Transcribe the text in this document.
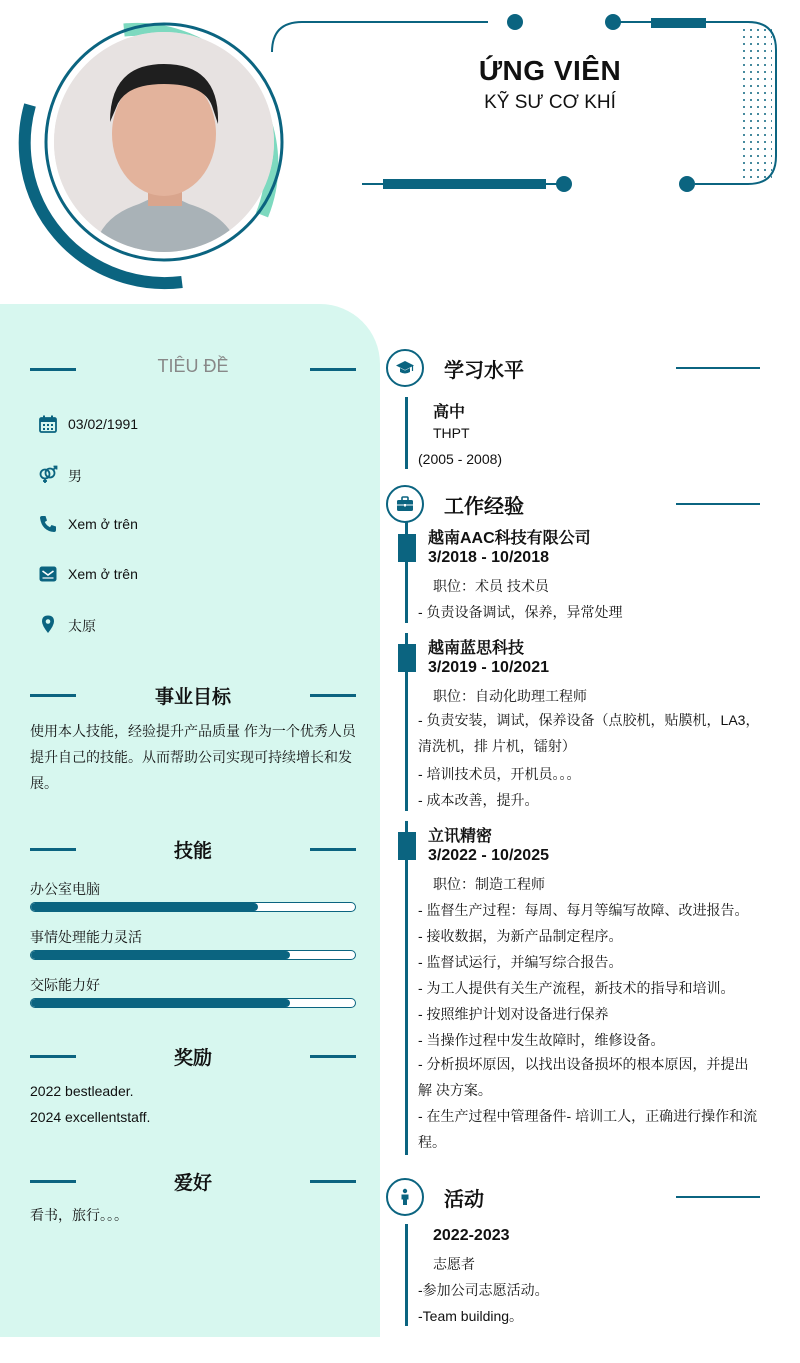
ỨNG VIÊN
KỸ SƯ CƠ KHÍ
TIÊU ĐỀ
03/02/1991
男
Xem ở trên
Xem ở trên
太原
事业目标
使用本人技能，经验提升产品质量 作为一个优秀人员提升自己的技能。从而帮助公司实现可持续增长和发展。
技能
办公室电脑
事情处理能力灵活
交际能力好
奖励
2022 bestleader.
2024 excellentstaff.
爱好
看书，旅行。。。
学习水平
高中
THPT
(2005 - 2008)
工作经验
越南AAC科技有限公司
3/2018 - 10/2018
职位：术员 技术员
- 负责设备调试，保养，异常处理
越南蓝思科技
3/2019 - 10/2021
职位：自动化助理工程师
- 负责安装，调试，保养设备（点胶机，贴膜机，LA3，清洗机，排 片机，镭射）
- 培训技术员，开机员。。。
- 成本改善，提升。
立讯精密
3/2022 - 10/2025
职位：制造工程师
- 监督生产过程：每周、每月等编写故障、改进报告。
- 接收数据，为新产品制定程序。
- 监督试运行，并编写综合报告。
- 为工人提供有关生产流程，新技术的指导和培训。
- 按照维护计划对设备进行保养
- 当操作过程中发生故障时，维修设备。
- 分析损坏原因，以找出设备损坏的根本原因，并提出解 决方案。
- 在生产过程中管理备件- 培训工人，正确进行操作和流程。
活动
2022-2023
志愿者
-参加公司志愿活动。
-Team building。
